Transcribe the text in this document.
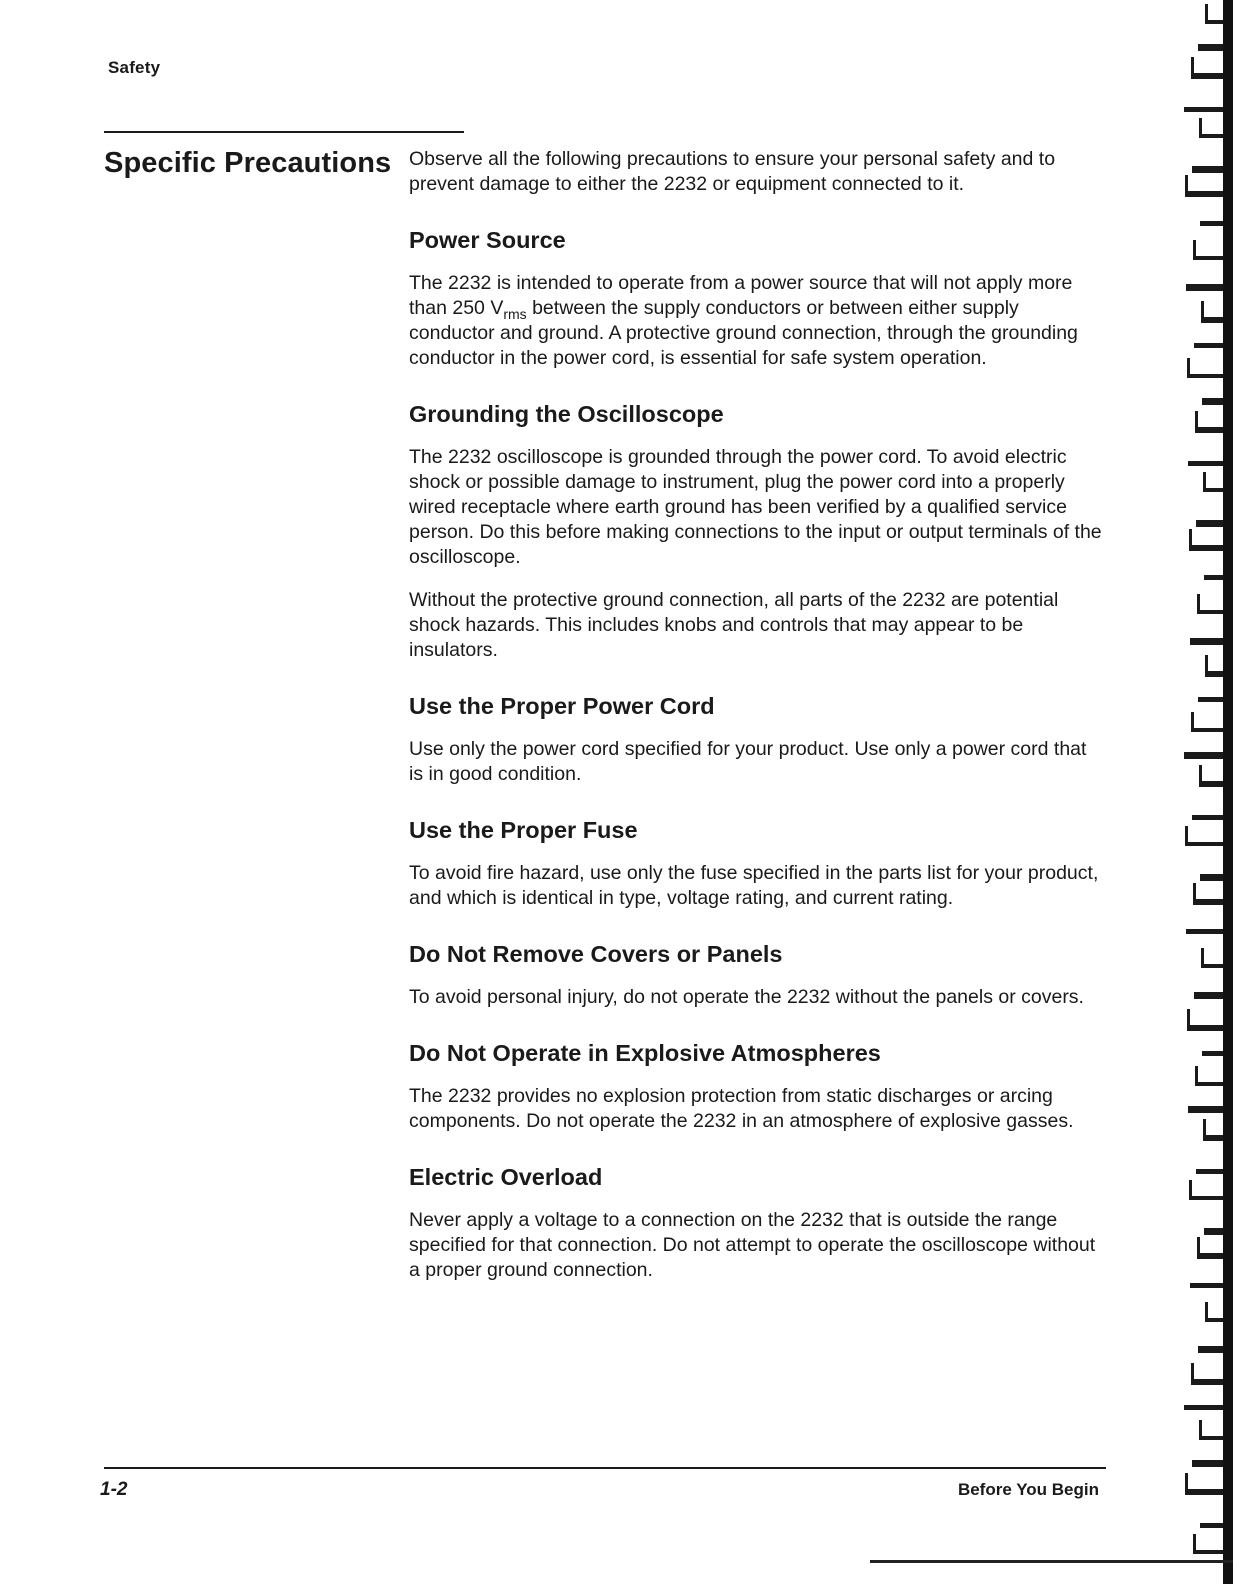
Safety
Specific Precautions Observe all the following precautions to ensure your personal safety and to prevent damage to either the 2232 or equipment connected to it.

Power Source

The 2232 is intended to operate from a power source that will not apply more than 250 $V_{rms}$ between the supply conductors or between either supply conductor and ground. A protective ground connection, through the grounding conductor in the power cord, is essential for safe system operation.

Grounding the Oscilloscope

The 2232 oscilloscope is grounded through the power cord. To avoid electric shock or possible damage to instrument, plug the power cord into a properly wired receptacle where earth ground has been verified by a qualified service person. Do this before making connections to the input or output terminals of the oscilloscope.

Without the protective ground connection, all parts of the 2232 are potential shock hazards. This includes knobs and controls that may appear to be insulators.

Use the Proper Power Cord

Use only the power cord specified for your product. Use only a power cord that is in good condition.

Use the Proper Fuse

To avoid fire hazard, use only the fuse specified in the parts list for your product, and which is identical in type, voltage rating, and current rating.

Do Not Remove Covers or Panels

To avoid personal injury, do not operate the 2232 without the panels or covers.

Do Not Operate in Explosive Atmospheres

The 2232 provides no explosion protection from static discharges or arcing components. Do not operate the 2232 in an atmosphere of explosive gasses.

Electric Overload

Never apply a voltage to a connection on the 2232 that is outside the range specified for that connection. Do not attempt to operate the oscilloscope without a proper ground connection.

1-2	Before You Begin
